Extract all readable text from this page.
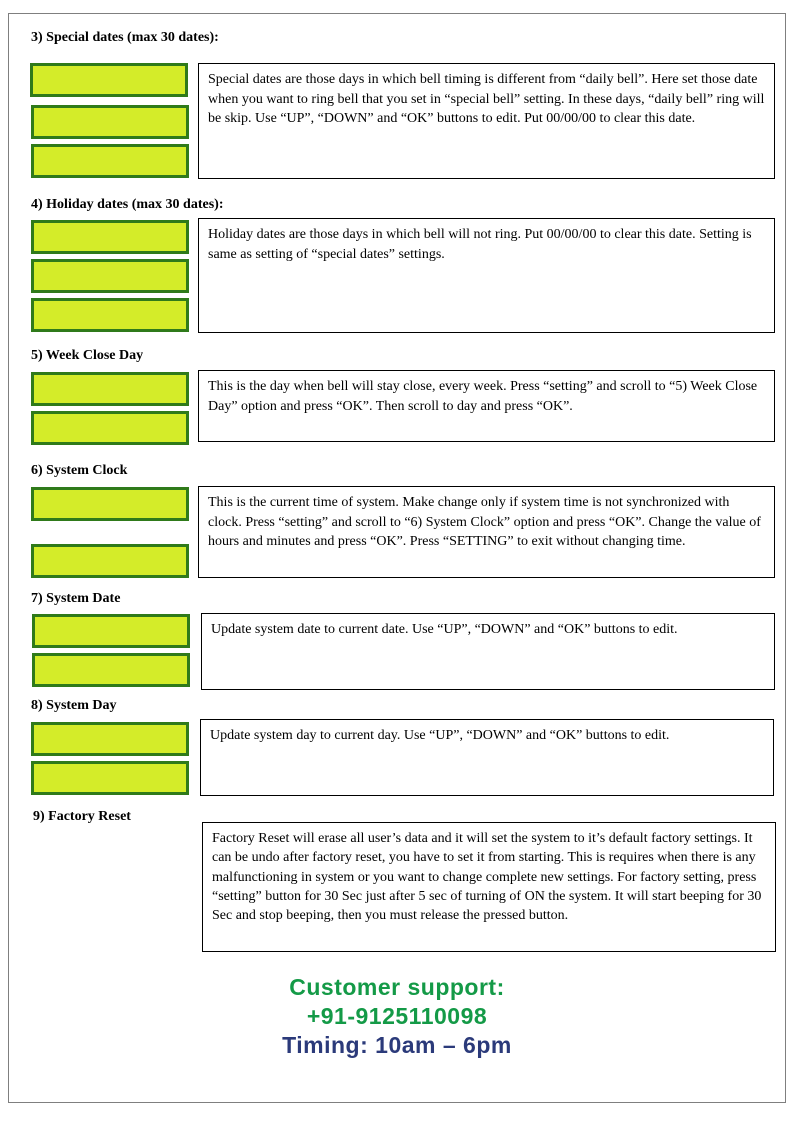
3) Special dates (max 30 dates):

Special dates are those days in which bell timing is different from “daily bell”. Here set those date when you want to ring bell that you set in “special bell” setting. In these days, “daily bell” ring will be skip. Use “UP”, “DOWN” and “OK” buttons to edit. Put 00/00/00 to clear this date.
4) Holiday dates (max 30 dates):

Holiday dates are those days in which bell will not ring. Put 00/00/00 to clear this date. Setting is same as setting of “special dates” settings.
5) Week Close Day

This is the day when bell will stay close, every week. Press “setting” and scroll to “5) Week Close Day” option and press “OK”. Then scroll to day and press “OK”.
6) System Clock

This is the current time of system. Make change only if system time is not synchronized with clock. Press “setting” and scroll to “6) System Clock” option and press “OK”. Change the value of hours and minutes and press “OK”. Press “SETTING” to exit without changing time.
7) System Date

Update system date to current date. Use “UP”, “DOWN” and “OK” buttons to edit.
8) System Day

Update system day to current day. Use “UP”, “DOWN” and “OK” buttons to edit.
9) Factory Reset
Factory Reset will erase all user’s data and it will set the system to it’s default factory settings. It can be undo after factory reset, you have to set it from starting. This is requires when there is any malfunctioning in system or you want to change complete new settings. For factory setting, press “setting” button for 30 Sec just after 5 sec of turning of ON the system. It will start beeping for 30 Sec and stop beeping, then you must release the pressed button.
Customer support:
+91-9125110098
Timing: 10am – 6pm
